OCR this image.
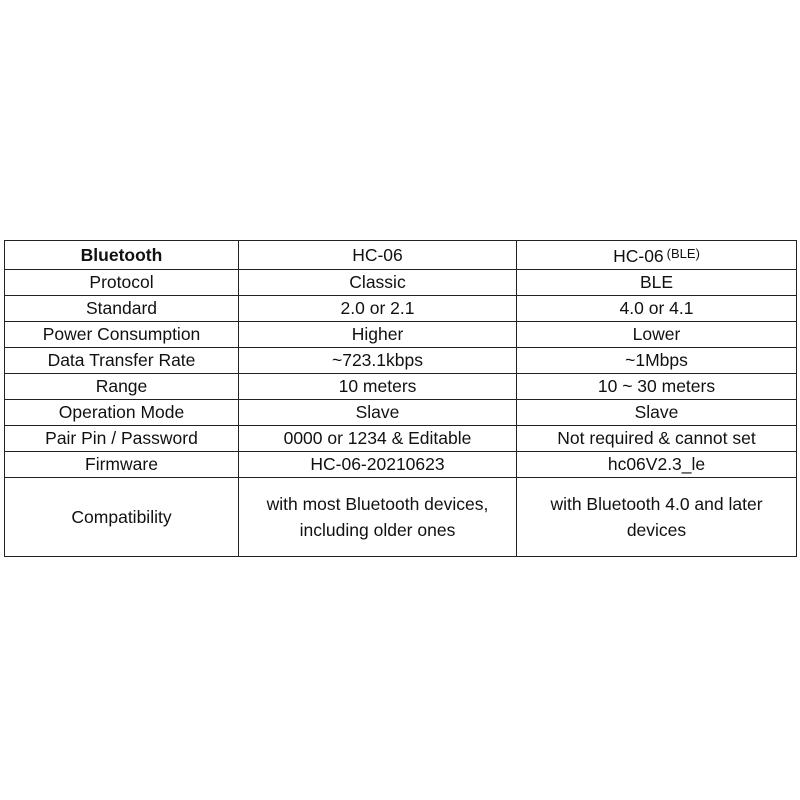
Bluetooth	HC-06	HC-06 $^{(BLE)}$
Protocol	Classic	BLE
Standard	2.0 or 2.1	4.0 or 4.1
Power Consumption	Higher	Lower
Data Transfer Rate	~723.1kbps	~1Mbps
Range	10 meters	10 ~ 30 meters
Operation Mode	Slave	Slave
Pair Pin / Password	0000 or 1234 & Editable	Not required & cannot set
Firmware	HC-06-20210623	hc06V2.3_le
Compatibility	with most Bluetooth devices, including older ones	with Bluetooth 4.0 and later devices
